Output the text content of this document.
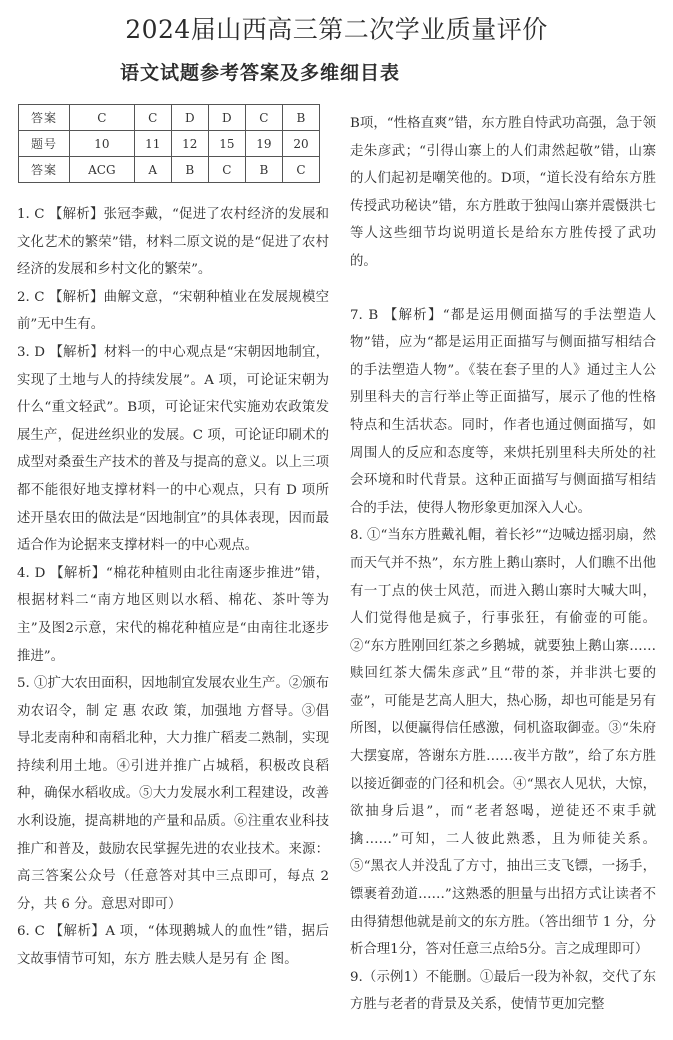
2024届山西高三第二次学业质量评价
语文试题参考答案及多维细目表
答案	C	C	D	D	C	B
题号	10	11	12	15	19	20
答案	ACG	A	B	C	B	C

1. C 【解析】张冠李戴，“促进了农村经济的发展和文化艺术的繁荣”错，材料二原文说的是“促进了农村经济的发展和乡村文化的繁荣”。

2. C 【解析】曲解文意，“宋朝种植业在发展规模空前”无中生有。

3. D 【解析】材料一的中心观点是“宋朝因地制宜，实现了土地与人的持续发展”。A 项，可论证宋朝为什么“重文轻武”。B项，可论证宋代实施劝农政策发展生产，促进丝织业的发展。C 项，可论证印刷术的成型对桑蚕生产技术的普及与提高的意义。以上三项都不能很好地支撑材料一的中心观点，只有 D 项所述开垦农田的做法是“因地制宜”的具体表现，因而最适合作为论据来支撑材料一的中心观点。

4. D 【解析】“棉花种植则由北往南逐步推进”错，根据材料二“南方地区则以水稻、棉花、茶叶等为主”及图2示意，宋代的棉花种植应是“由南往北逐步推进”。

5. ①扩大农田面积，因地制宜发展农业生产。②颁布劝农诏令，制 定 惠 农政 策，加强地 方督导。③倡导北麦南种和南稻北种，大力推广稻麦二熟制，实现持续利用土地。④引进并推广占城稻，积极改良稻种，确保水稻收成。⑤大力发展水利工程建设，改善水利设施，提高耕地的产量和品质。⑥注重农业科技推广和普及，鼓励农民掌握先进的农业技术。来源：高三答案公众号（任意答对其中三点即可，每点 2 分，共 6 分。意思对即可）

6. C 【解析】A 项，“体现鹅城人的血性”错，据后文故事情节可知，东方 胜去赎人是另有 企 图。

B项，“性格直爽”错，东方胜自恃武功高强，急于领走朱彦武；“引得山寨上的人们肃然起敬”错，山寨的人们起初是嘲笑他的。D项，“道长没有给东方胜传授武功秘诀”错，东方胜敢于独闯山寨并震慑洪七等人这些细节均说明道长是给东方胜传授了武功的。

7. B 【解析】“都是运用侧面描写的手法塑造人物”错，应为“都是运用正面描写与侧面描写相结合的手法塑造人物”。《装在套子里的人》通过主人公别里科夫的言行举止等正面描写，展示了他的性格特点和生活状态。同时，作者也通过侧面描写，如周围人的反应和态度等，来烘托别里科夫所处的社会环境和时代背景。这种正面描写与侧面描写相结合的手法，使得人物形象更加深入人心。

8. ①“当东方胜戴礼帽，着长衫”“边喊边摇羽扇，然而天气并不热”，东方胜上鹅山寨时，人们瞧不出他有一丁点的侠士风范，而进入鹅山寨时大喊大叫，人们觉得他是疯子，行事张狂，有偷壶的可能。②“东方胜刚回红茶之乡鹅城，就要独上鹅山寨……赎回红茶大儒朱彦武”且“带的茶，并非洪七要的壶”，可能是艺高人胆大，热心肠，却也可能是另有所图，以便赢得信任感激，伺机盗取御壶。③“朱府大摆宴席，答谢东方胜……夜半方散”，给了东方胜以接近御壶的门径和机会。④“黑衣人见状，大惊，欲抽身后退”，而“老者怒喝，逆徒还不束手就擒……”可知，二人彼此熟悉，且为师徒关系。⑤“黑衣人并没乱了方寸，抽出三支飞镖，一扬手，镖裹着劲道……”这熟悉的胆量与出招方式让读者不由得猜想他就是前文的东方胜。（答出细节 1 分，分析合理1分，答对任意三点给5分。言之成理即可）

9.（示例1）不能删。①最后一段为补叙，交代了东方胜与老者的背景及关系，使情节更加完整
